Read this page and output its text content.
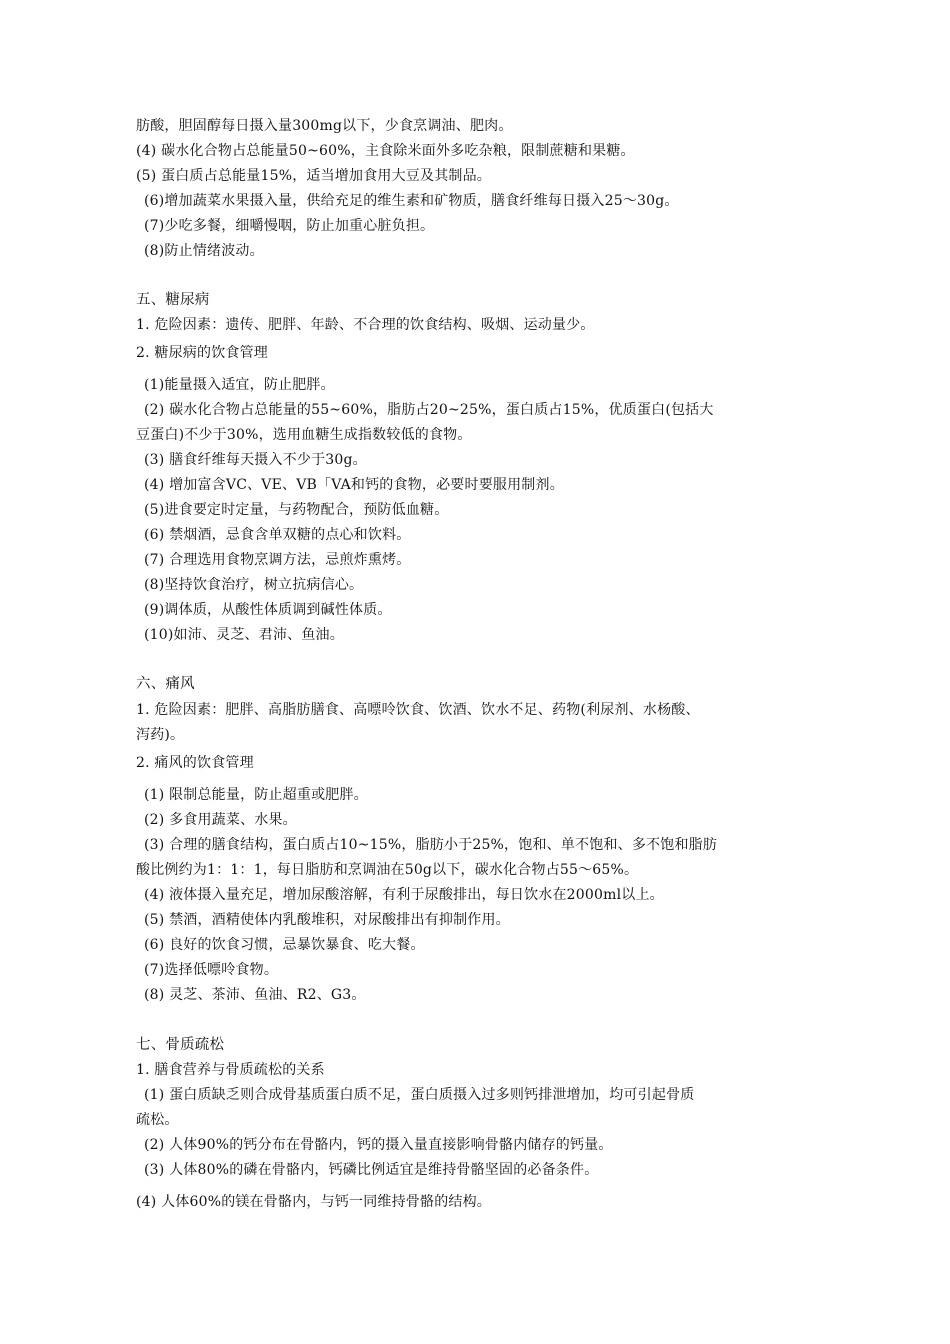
肪酸，胆固醇每日摄入量300mg以下，少食烹调油、肥肉。
(4) 碳水化合物占总能量50~60%，主食除米面外多吃杂粮，限制蔗糖和果糖。
(5) 蛋白质占总能量15%，适当增加食用大豆及其制品。
(6)增加蔬菜水果摄入量，供给充足的维生素和矿物质，膳食纤维每日摄入25〜30g。
(7)少吃多餐，细嚼慢咽，防止加重心脏负担。
(8)防止情绪波动。
五、糖尿病
1. 危险因素：遗传、肥胖、年龄、不合理的饮食结构、吸烟、运动量少。
2. 糖尿病的饮食管理
(1)能量摄入适宜，防止肥胖。
(2) 碳水化合物占总能量的55~60%，脂肪占20~25%，蛋白质占15%，优质蛋白(包括大
豆蛋白)不少于30%，选用血糖生成指数较低的食物。
(3) 膳食纤维每天摄入不少于30g。
(4) 增加富含VC、VE、VB「VA和钙的食物，必要时要服用制剂。
(5)进食要定时定量，与药物配合，预防低血糖。
(6) 禁烟酒，忌食含单双糖的点心和饮料。
(7) 合理选用食物烹调方法，忌煎炸熏烤。
(8)坚持饮食治疗，树立抗病信心。
(9)调体质，从酸性体质调到碱性体质。
(10)如沛、灵芝、君沛、鱼油。
六、痛风
1. 危险因素：肥胖、高脂肪膳食、高嘌呤饮食、饮酒、饮水不足、药物(利尿剂、水杨酸、
泻药)。
2. 痛风的饮食管理
(1) 限制总能量，防止超重或肥胖。
(2) 多食用蔬菜、水果。
(3) 合理的膳食结构，蛋白质占10~15%，脂肪小于25%，饱和、单不饱和、多不饱和脂肪
酸比例约为1：1：1，每日脂肪和烹调油在50g以下，碳水化合物占55〜65%。
(4) 液体摄入量充足，增加尿酸溶解，有利于尿酸排出，每日饮水在2000ml以上。
(5) 禁酒，酒精使体内乳酸堆积，对尿酸排出有抑制作用。
(6) 良好的饮食习惯，忌暴饮暴食、吃大餐。
(7)选择低嘌呤食物。
(8) 灵芝、茶沛、鱼油、R2、G3。
七、骨质疏松
1. 膳食营养与骨质疏松的关系
(1) 蛋白质缺乏则合成骨基质蛋白质不足，蛋白质摄入过多则钙排泄增加，均可引起骨质
疏松。
(2) 人体90%的钙分布在骨骼内，钙的摄入量直接影响骨骼内储存的钙量。
(3) 人体80%的磷在骨骼内，钙磷比例适宜是维持骨骼坚固的必备条件。
(4) 人体60%的镁在骨骼内，与钙一同维持骨骼的结构。
